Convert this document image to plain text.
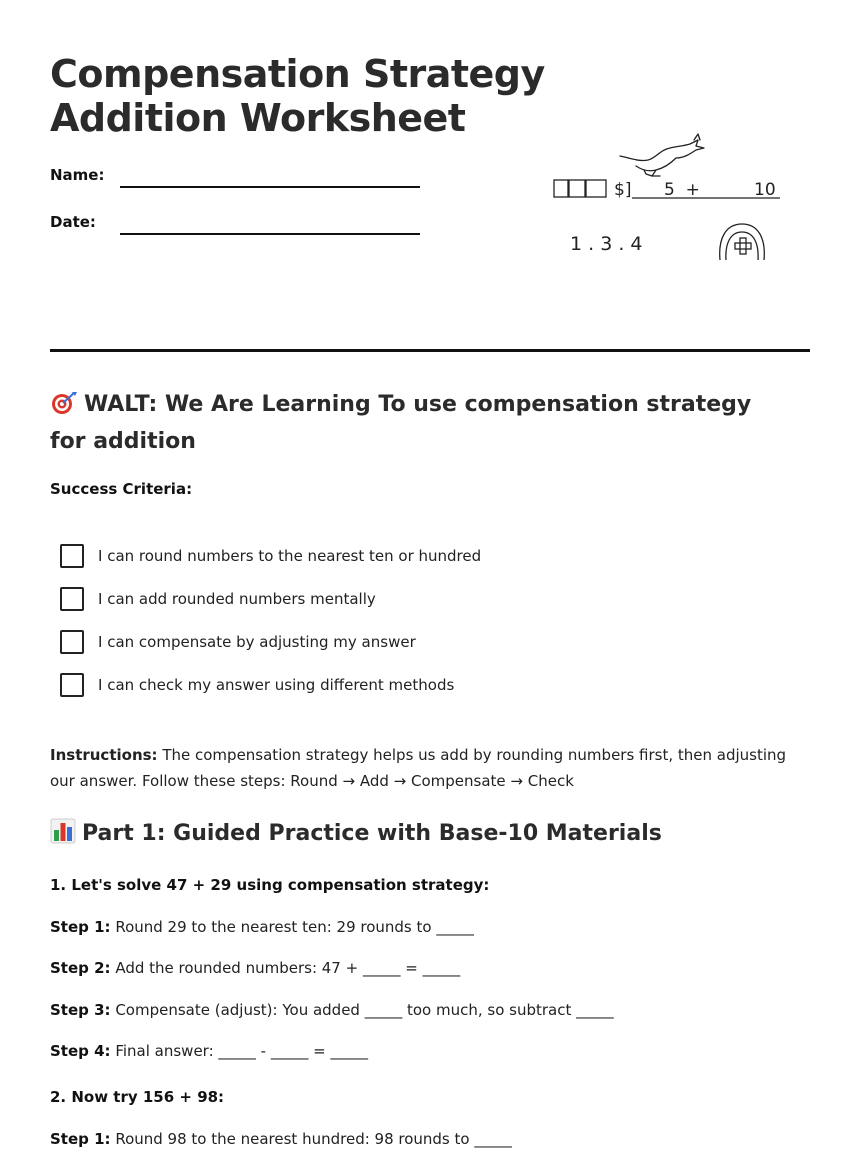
Compensation Strategy
Addition Worksheet
Name:
Date:
$] 5  +	10
1 . 3 . 4
WALT: We Are Learning To use compensation strategy for addition

Success Criteria:

I can round numbers to the nearest ten or hundred
I can add rounded numbers mentally
I can compensate by adjusting my answer
I can check my answer using different methods

Instructions: The compensation strategy helps us add by rounding numbers first, then adjusting our answer. Follow these steps: Round → Add → Compensate → Check

Part 1: Guided Practice with Base-10 Materials

1. Let's solve 47 + 29 using compensation strategy:

Step 1: Round 29 to the nearest ten: 29 rounds to _____

Step 2: Add the rounded numbers: 47 + _____ = _____

Step 3: Compensate (adjust): You added _____ too much, so subtract _____

Step 4: Final answer: _____ - _____ = _____

2. Now try 156 + 98:

Step 1: Round 98 to the nearest hundred: 98 rounds to _____
